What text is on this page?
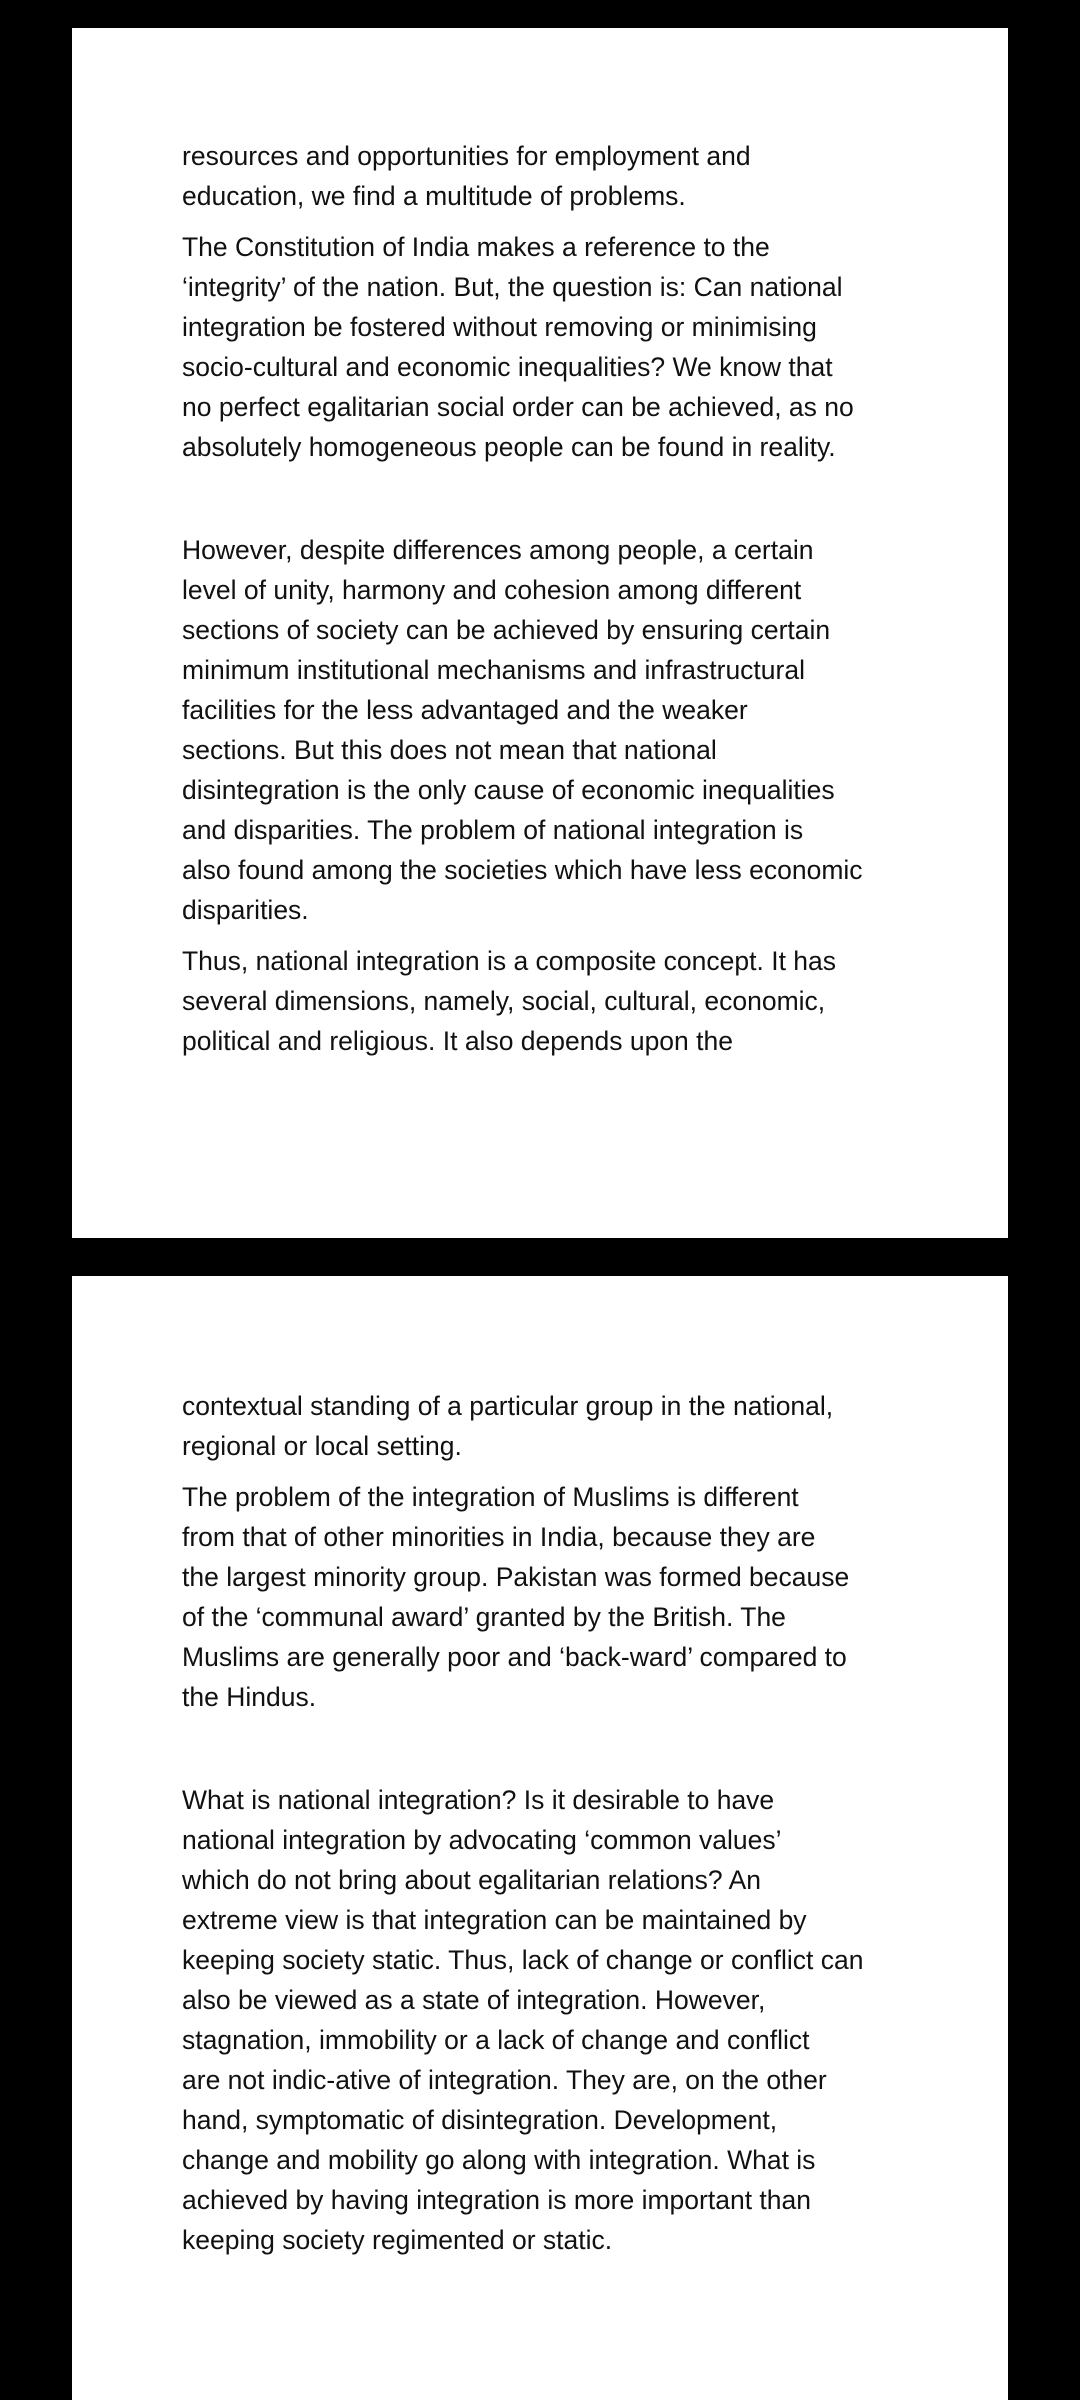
resources and opportunities for employment and
education, we find a multitude of problems.

The Constitution of India makes a reference to the
‘integrity’ of the nation. But, the question is: Can national
integration be fostered without removing or minimising
socio-cultural and economic inequalities? We know that
no perfect egalitarian social order can be achieved, as no
absolutely homogeneous people can be found in reality.

However, despite differences among people, a certain
level of unity, harmony and cohesion among different
sections of society can be achieved by ensuring certain
minimum institutional mechanisms and infrastructural
facilities for the less advantaged and the weaker
sections. But this does not mean that national
disintegration is the only cause of economic inequalities
and disparities. The problem of national integration is
also found among the societies which have less economic
disparities.

Thus, national integration is a composite concept. It has
several dimensions, namely, social, cultural, economic,
political and religious. It also depends upon the

contextual standing of a particular group in the national,
regional or local setting.

The problem of the integration of Muslims is different
from that of other minorities in India, because they are
the largest minority group. Pakistan was formed because
of the ‘communal award’ granted by the British. The
Muslims are generally poor and ‘back-ward’ compared to
the Hindus.

What is national integration? Is it desirable to have
national integration by advocating ‘common values’
which do not bring about egalitarian relations? An
extreme view is that integration can be maintained by
keeping society static. Thus, lack of change or conflict can
also be viewed as a state of integration. However,
stagnation, immobility or a lack of change and conflict
are not indic-ative of integration. They are, on the other
hand, symptomatic of disintegration. Development,
change and mobility go along with integration. What is
achieved by having integration is more important than
keeping society regimented or static.
